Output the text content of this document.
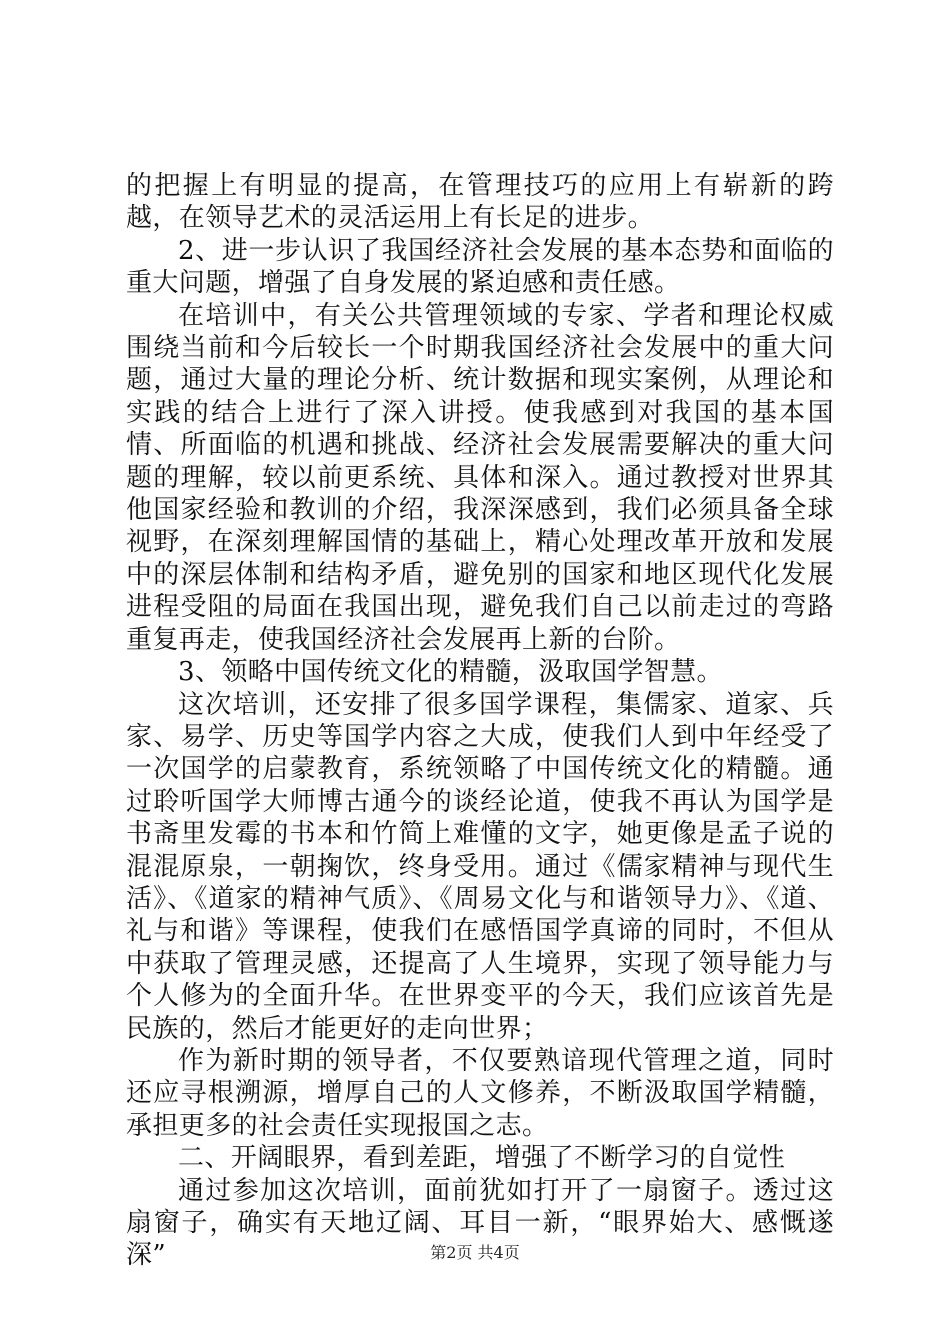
的把握上有明显的提高，在管理技巧的应用上有崭新的跨越，在领导艺术的灵活运用上有长足的进步。

2、进一步认识了我国经济社会发展的基本态势和面临的重大问题，增强了自身发展的紧迫感和责任感。

在培训中，有关公共管理领域的专家、学者和理论权威围绕当前和今后较长一个时期我国经济社会发展中的重大问题，通过大量的理论分析、统计数据和现实案例，从理论和实践的结合上进行了深入讲授。使我感到对我国的基本国情、所面临的机遇和挑战、经济社会发展需要解决的重大问题的理解，较以前更系统、具体和深入。通过教授对世界其他国家经验和教训的介绍，我深深感到，我们必须具备全球视野，在深刻理解国情的基础上，精心处理改革开放和发展中的深层体制和结构矛盾，避免别的国家和地区现代化发展进程受阻的局面在我国出现，避免我们自己以前走过的弯路重复再走，使我国经济社会发展再上新的台阶。

3、领略中国传统文化的精髓，汲取国学智慧。

这次培训，还安排了很多国学课程，集儒家、道家、兵家、易学、历史等国学内容之大成，使我们人到中年经受了一次国学的启蒙教育，系统领略了中国传统文化的精髓。通过聆听国学大师博古通今的谈经论道，使我不再认为国学是书斋里发霉的书本和竹简上难懂的文字，她更像是孟子说的混混原泉，一朝掬饮，终身受用。通过《儒家精神与现代生活》、《道家的精神气质》、《周易文化与和谐领导力》、《道、礼与和谐》等课程，使我们在感悟国学真谛的同时，不但从中获取了管理灵感，还提高了人生境界，实现了领导能力与个人修为的全面升华。在世界变平的今天，我们应该首先是民族的，然后才能更好的走向世界；

作为新时期的领导者，不仅要熟谙现代管理之道，同时还应寻根溯源，增厚自己的人文修养，不断汲取国学精髓，承担更多的社会责任实现报国之志。

二、开阔眼界，看到差距，增强了不断学习的自觉性

通过参加这次培训，面前犹如打开了一扇窗子。透过这扇窗子，确实有天地辽阔、耳目一新，“眼界始大、感慨遂深”	第2页 共4页
